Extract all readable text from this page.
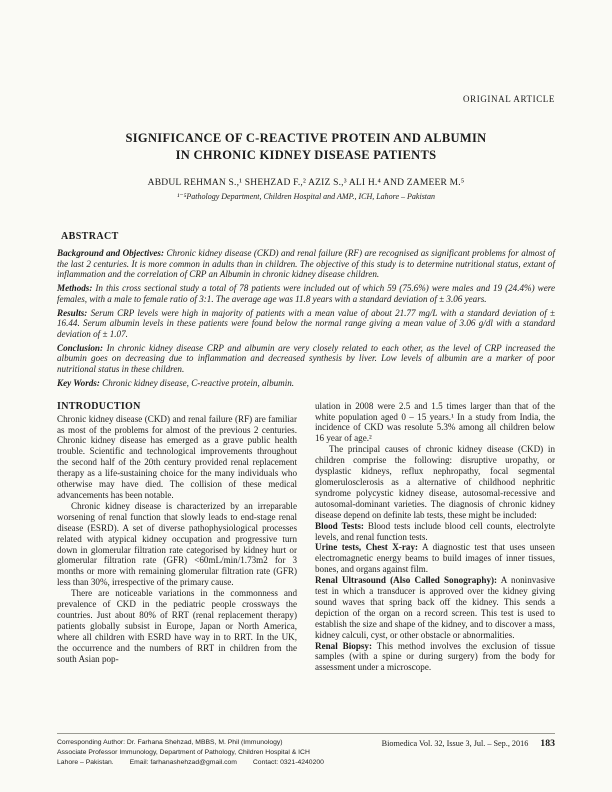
ORIGINAL ARTICLE
SIGNIFICANCE OF C-REACTIVE PROTEIN AND ALBUMIN
IN CHRONIC KIDNEY DISEASE PATIENTS
ABDUL REHMAN S.,¹ SHEHZAD F.,² AZIZ S.,³ ALI H.⁴ AND ZAMEER M.⁵
¹⁻⁵Pathology Department, Children Hospital and AMP., ICH, Lahore – Pakistan
ABSTRACT

Background and Objectives: Chronic kidney disease (CKD) and renal failure (RF) are recognised as significant problems for almost of the last 2 centuries. It is more common in adults than in children. The objective of this study is to determine nutritional status, extant of inflammation and the correlation of CRP an Albumin in chronic kidney disease children.

Methods: In this cross sectional study a total of 78 patients were included out of which 59 (75.6%) were males and 19 (24.4%) were females, with a male to female ratio of 3:1. The average age was 11.8 years with a standard deviation of ± 3.06 years.

Results: Serum CRP levels were high in majority of patients with a mean value of about 21.77 mg/L with a standard deviation of ± 16.44. Serum albumin levels in these patients were found below the normal range giving a mean value of 3.06 g/dl with a standard deviation of ± 1.07.

Conclusion: In chronic kidney disease CRP and albumin are very closely related to each other, as the level of CRP increased the albumin goes on decreasing due to inflammation and decreased synthesis by liver. Low levels of albumin are a marker of poor nutritional status in these children.

Key Words: Chronic kidney disease, C-reactive protein, albumin.

INTRODUCTION

Chronic kidney disease (CKD) and renal failure (RF) are familiar as most of the problems for almost of the previous 2 centuries. Chronic kidney disease has emerged as a grave public health trouble. Scientific and technological improvements throughout the second half of the 20th century provided renal replacement therapy as a life-sustaining choice for the many individuals who otherwise may have died. The collision of these medical advancements has been notable.

Chronic kidney disease is characterized by an irreparable worsening of renal function that slowly leads to end-stage renal disease (ESRD). A set of diverse pathophysiological processes related with atypical kidney occupation and progressive turn down in glomerular filtration rate categorised by kidney hurt or glomerular filtration rate (GFR) <60mL/min/1.73m2 for 3 months or more with remaining glomerular filtration rate (GFR) less than 30%, irrespective of the primary cause.

There are noticeable variations in the commonness and prevalence of CKD in the pediatric people crossways the countries. Just about 80% of RRT (renal replacement therapy) patients globally subsist in Europe, Japan or North America, where all children with ESRD have way in to RRT. In the UK, the occurrence and the numbers of RRT in children from the south Asian pop-

ulation in 2008 were 2.5 and 1.5 times larger than that of the white population aged 0 – 15 years.¹ In a study from India, the incidence of CKD was resolute 5.3% among all children below 16 year of age.²

The principal causes of chronic kidney disease (CKD) in children comprise the following: disruptive uropathy, or dysplastic kidneys, reflux nephropathy, focal segmental glomerulosclerosis as a alternative of childhood nephritic syndrome polycystic kidney disease, autosomal-recessive and autosomal-dominant varieties. The diagnosis of chronic kidney disease depend on definite lab tests, these might be included:

Blood Tests: Blood tests include blood cell counts, electrolyte levels, and renal function tests.

Urine tests, Chest X-ray: A diagnostic test that uses unseen electromagnetic energy beams to build images of inner tissues, bones, and organs against film.

Renal Ultrasound (Also Called Sonography): A noninvasive test in which a transducer is approved over the kidney giving sound waves that spring back off the kidney. This sends a depiction of the organ on a record screen. This test is used to establish the size and shape of the kidney, and to discover a mass, kidney calculi, cyst, or other obstacle or abnormalities.

Renal Biopsy: This method involves the exclusion of tissue samples (with a spine or during surgery) from the body for assessment under a microscope.

Corresponding Author: Dr. Farhana Shehzad, MBBS, M. Phil (Immunology)
Associate Professor Immunology, Department of Pathology, Children Hospital & ICH
Lahore – Pakistan. Email: farhanashehzad@gmail.com Contact: 0321-4240200
Biomedica Vol. 32, Issue 3, Jul. – Sep., 2016 183
